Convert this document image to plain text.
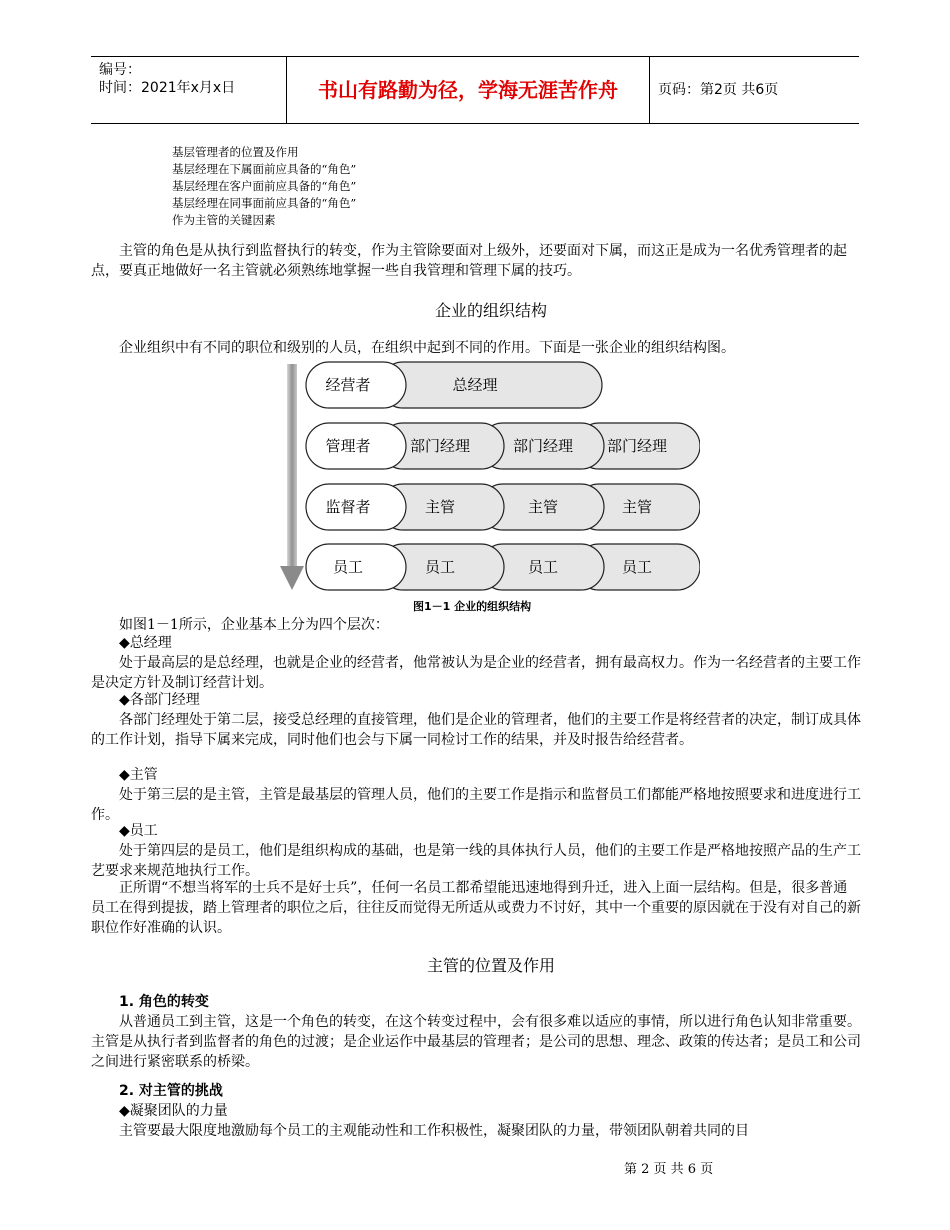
编号：
时间：2021年x月x日	书山有路勤为径，学海无涯苦作舟	页码：第2页 共6页
基层管理者的位置及作用
基层经理在下属面前应具备的“角色”
基层经理在客户面前应具备的“角色”
基层经理在同事面前应具备的“角色”
作为主管的关键因素
主管的角色是从执行到监督执行的转变，作为主管除要面对上级外，还要面对下属，而这正是成为一名优秀管理者的起点，要真正地做好一名主管就必须熟练地掌握一些自我管理和管理下属的技巧。
企业的组织结构
企业组织中有不同的职位和级别的人员，在组织中起到不同的作用。下面是一张企业的组织结构图。
总经理
经营者
部门经理	部门经理 部门经理
管理者
主管	主管	主管
监督者
员工	员工	员工
员工
图1－1 企业的组织结构
如图1－1所示，企业基本上分为四个层次：
◆总经理
处于最高层的是总经理，也就是企业的经营者，他常被认为是企业的经营者，拥有最高权力。作为一名经营者的主要工作是决定方针及制订经营计划。
◆各部门经理
各部门经理处于第二层，接受总经理的直接管理，他们是企业的管理者，他们的主要工作是将经营者的决定，制订成具体的工作计划，指导下属来完成，同时他们也会与下属一同检讨工作的结果，并及时报告给经营者。
◆主管
处于第三层的是主管，主管是最基层的管理人员，他们的主要工作是指示和监督员工们都能严格地按照要求和进度进行工作。
◆员工
处于第四层的是员工，他们是组织构成的基础，也是第一线的具体执行人员，他们的主要工作是严格地按照产品的生产工艺要求来规范地执行工作。
正所谓“不想当将军的士兵不是好士兵”，任何一名员工都希望能迅速地得到升迁，进入上面一层结构。但是，很多普通员工在得到提拔，踏上管理者的职位之后，往往反而觉得无所适从或费力不讨好，其中一个重要的原因就在于没有对自己的新职位作好准确的认识。
主管的位置及作用
1. 角色的转变
从普通员工到主管，这是一个角色的转变，在这个转变过程中，会有很多难以适应的事情，所以进行角色认知非常重要。主管是从执行者到监督者的角色的过渡；是企业运作中最基层的管理者；是公司的思想、理念、政策的传达者；是员工和公司之间进行紧密联系的桥梁。
2. 对主管的挑战
◆凝聚团队的力量
主管要最大限度地激励每个员工的主观能动性和工作积极性，凝聚团队的力量，带领团队朝着共同的目
第 2 页 共 6 页
